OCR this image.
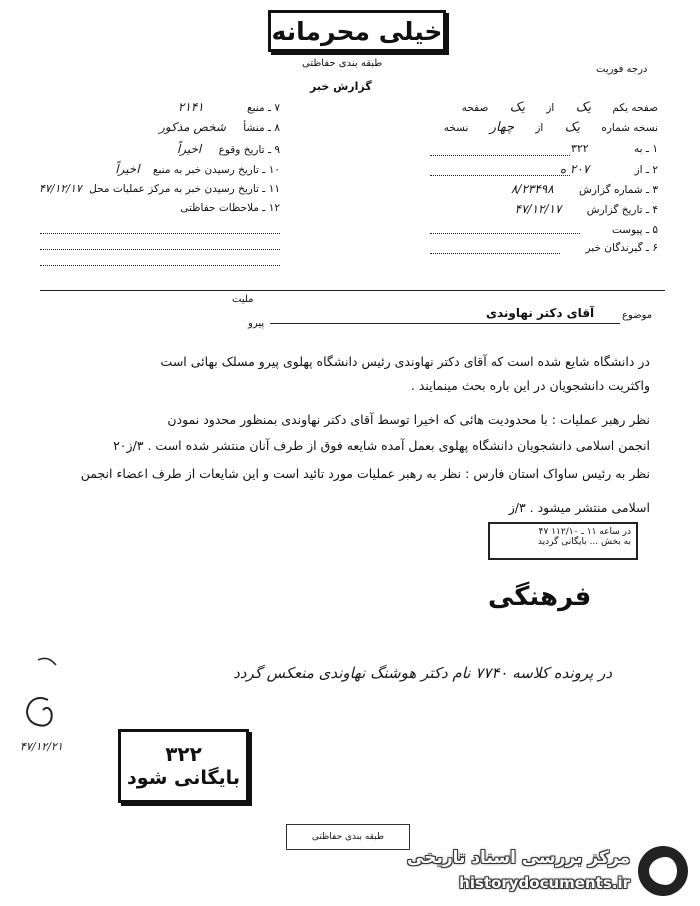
خیلی محرمانه
طبقه بندی حفاظتی
درجه فوریت
گزارش خبر
صفحه یکم یک از یک صفحه
نسخه شماره یک از چهار نسخه
۱ ـ به ۳۲۲
۲ ـ از ۲۰۷ ه
۳ ـ شماره گزارش ۸/۲۳۴۹۸
۴ ـ تاریخ گزارش ۴۷/۱۲/۱۷
۵ ـ پیوست
۶ ـ گیرندگان خبر
۷ ـ منبع ۲۱۴۱
۸ ـ منشأ شخص مذکور
۹ ـ تاریخ وقوع اخیراً
۱۰ ـ تاریخ رسیدن خبر به منبع اخیراً
۱۱ ـ تاریخ رسیدن خبر به مرکز عملیات محل ۴۷/۱۲/۱۷
۱۲ ـ ملاحظات حفاظتی
ملیت
پیرو
موضوع
آقای دکتر نهاوندی
در دانشگاه شایع شده است که آقای دکتر نهاوندی رئیس دانشگاه پهلوی پیرو مسلک بهائی است
واکثریت دانشجویان در این باره بحث مینمایند .
نظر رهبر عملیات : با محدودیت هائی که اخیرا توسط آقای دکتر نهاوندی بمنظور محدود نمودن
انجمن اسلامی دانشجویان دانشگاه پهلوی بعمل آمده شایعه فوق از طرف آنان منتشر شده است . ۳/ز۲۰
نظر به رئیس ساواک استان فارس : نظر به رهبر عملیات مورد تائید است و این شایعات از طرف اعضاء انجمن
اسلامی منتشر میشود . ۳/ز
در ساعه ۱۱ ـ ۱۱۲/۱۰ ۴۷
به بخش ... بایگانی گردید
فرهنگی
در پرونده کلاسه ۷۷۴۰ نام دکتر هوشنگ نهاوندی منعکس گردد
۴۷/۱۲/۲۱	۳۲۲
بایگانی شود
طبقه بندی حفاظتی
مرکز بررسی اسناد تاریخی
historydocuments.ir
